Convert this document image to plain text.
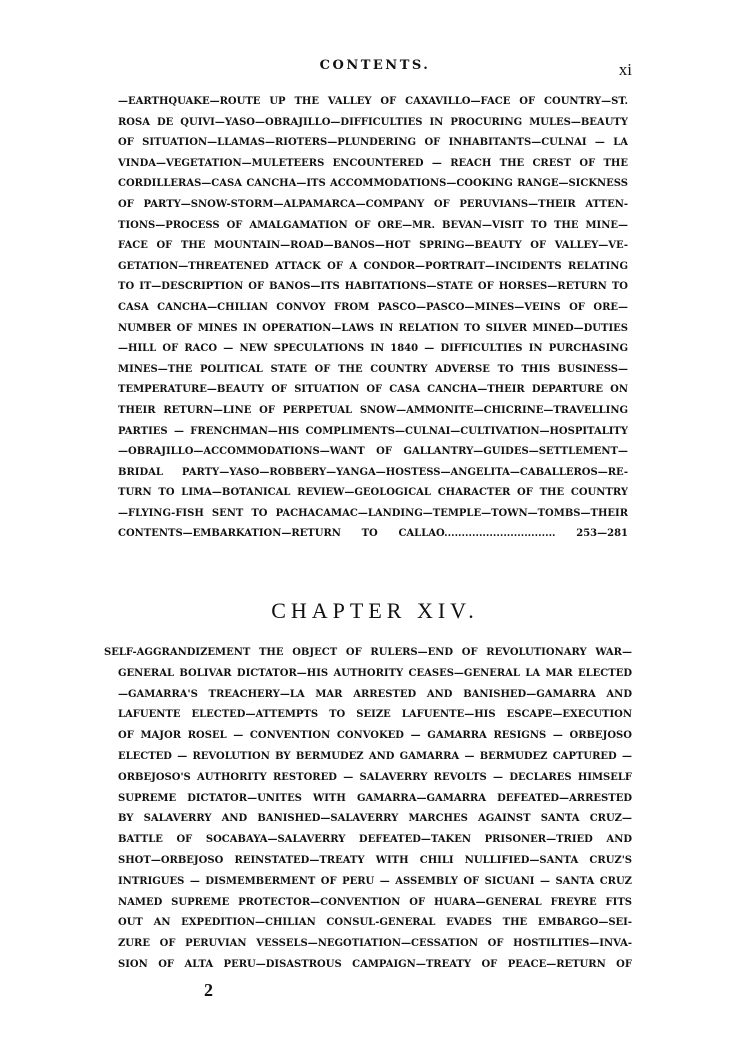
CONTENTS.	xi
—EARTHQUAKE—ROUTE UP THE VALLEY OF CAXAVILLO—FACE OF COUNTRY—ST.
ROSA DE QUIVI—YASO—OBRAJILLO—DIFFICULTIES IN PROCURING MULES—BEAUTY
OF SITUATION—LLAMAS—RIOTERS—PLUNDERING OF INHABITANTS—CULNAI — LA
VINDA—VEGETATION—MULETEERS ENCOUNTERED — REACH THE CREST OF THE
CORDILLERAS—CASA CANCHA—ITS ACCOMMODATIONS—COOKING RANGE—SICKNESS
OF PARTY—SNOW-STORM—ALPAMARCA—COMPANY OF PERUVIANS—THEIR ATTEN-
TIONS—PROCESS OF AMALGAMATION OF ORE—MR. BEVAN—VISIT TO THE MINE—
FACE OF THE MOUNTAIN—ROAD—BANOS—HOT SPRING—BEAUTY OF VALLEY—VE-
GETATION—THREATENED ATTACK OF A CONDOR—PORTRAIT—INCIDENTS RELATING
TO IT—DESCRIPTION OF BANOS—ITS HABITATIONS—STATE OF HORSES—RETURN TO
CASA CANCHA—CHILIAN CONVOY FROM PASCO—PASCO—MINES—VEINS OF ORE—
NUMBER OF MINES IN OPERATION—LAWS IN RELATION TO SILVER MINED—DUTIES
—HILL OF RACO — NEW SPECULATIONS IN 1840 — DIFFICULTIES IN PURCHASING
MINES—THE POLITICAL STATE OF THE COUNTRY ADVERSE TO THIS BUSINESS—
TEMPERATURE—BEAUTY OF SITUATION OF CASA CANCHA—THEIR DEPARTURE ON
THEIR RETURN—LINE OF PERPETUAL SNOW—AMMONITE—CHICRINE—TRAVELLING
PARTIES — FRENCHMAN—HIS COMPLIMENTS—CULNAI—CULTIVATION—HOSPITALITY
—OBRAJILLO—ACCOMMODATIONS—WANT OF GALLANTRY—GUIDES—SETTLEMENT—
BRIDAL PARTY—YASO—ROBBERY—YANGA—HOSTESS—ANGELITA—CABALLEROS—RE-
TURN TO LIMA—BOTANICAL REVIEW—GEOLOGICAL CHARACTER OF THE COUNTRY
—FLYING-FISH SENT TO PACHACAMAC—LANDING—TEMPLE—TOWN—TOMBS—THEIR
CONTENTS—EMBARKATION—RETURN TO CALLAO................................ 253—281
CHAPTER XIV.
SELF-AGGRANDIZEMENT THE OBJECT OF RULERS—END OF REVOLUTIONARY WAR—
GENERAL BOLIVAR DICTATOR—HIS AUTHORITY CEASES—GENERAL LA MAR ELECTED
—GAMARRA'S TREACHERY—LA MAR ARRESTED AND BANISHED—GAMARRA AND
LAFUENTE ELECTED—ATTEMPTS TO SEIZE LAFUENTE—HIS ESCAPE—EXECUTION
OF MAJOR ROSEL — CONVENTION CONVOKED — GAMARRA RESIGNS — ORBEJOSO
ELECTED — REVOLUTION BY BERMUDEZ AND GAMARRA — BERMUDEZ CAPTURED —
ORBEJOSO'S AUTHORITY RESTORED — SALAVERRY REVOLTS — DECLARES HIMSELF
SUPREME DICTATOR—UNITES WITH GAMARRA—GAMARRA DEFEATED—ARRESTED
BY SALAVERRY AND BANISHED—SALAVERRY MARCHES AGAINST SANTA CRUZ—
BATTLE OF SOCABAYA—SALAVERRY DEFEATED—TAKEN PRISONER—TRIED AND
SHOT—ORBEJOSO REINSTATED—TREATY WITH CHILI NULLIFIED—SANTA CRUZ'S
INTRIGUES — DISMEMBERMENT OF PERU — ASSEMBLY OF SICUANI — SANTA CRUZ
NAMED SUPREME PROTECTOR—CONVENTION OF HUARA—GENERAL FREYRE FITS
OUT AN EXPEDITION—CHILIAN CONSUL-GENERAL EVADES THE EMBARGO—SEI-
ZURE OF PERUVIAN VESSELS—NEGOTIATION—CESSATION OF HOSTILITIES—INVA-
SION OF ALTA PERU—DISASTROUS CAMPAIGN—TREATY OF PEACE—RETURN OF
2
